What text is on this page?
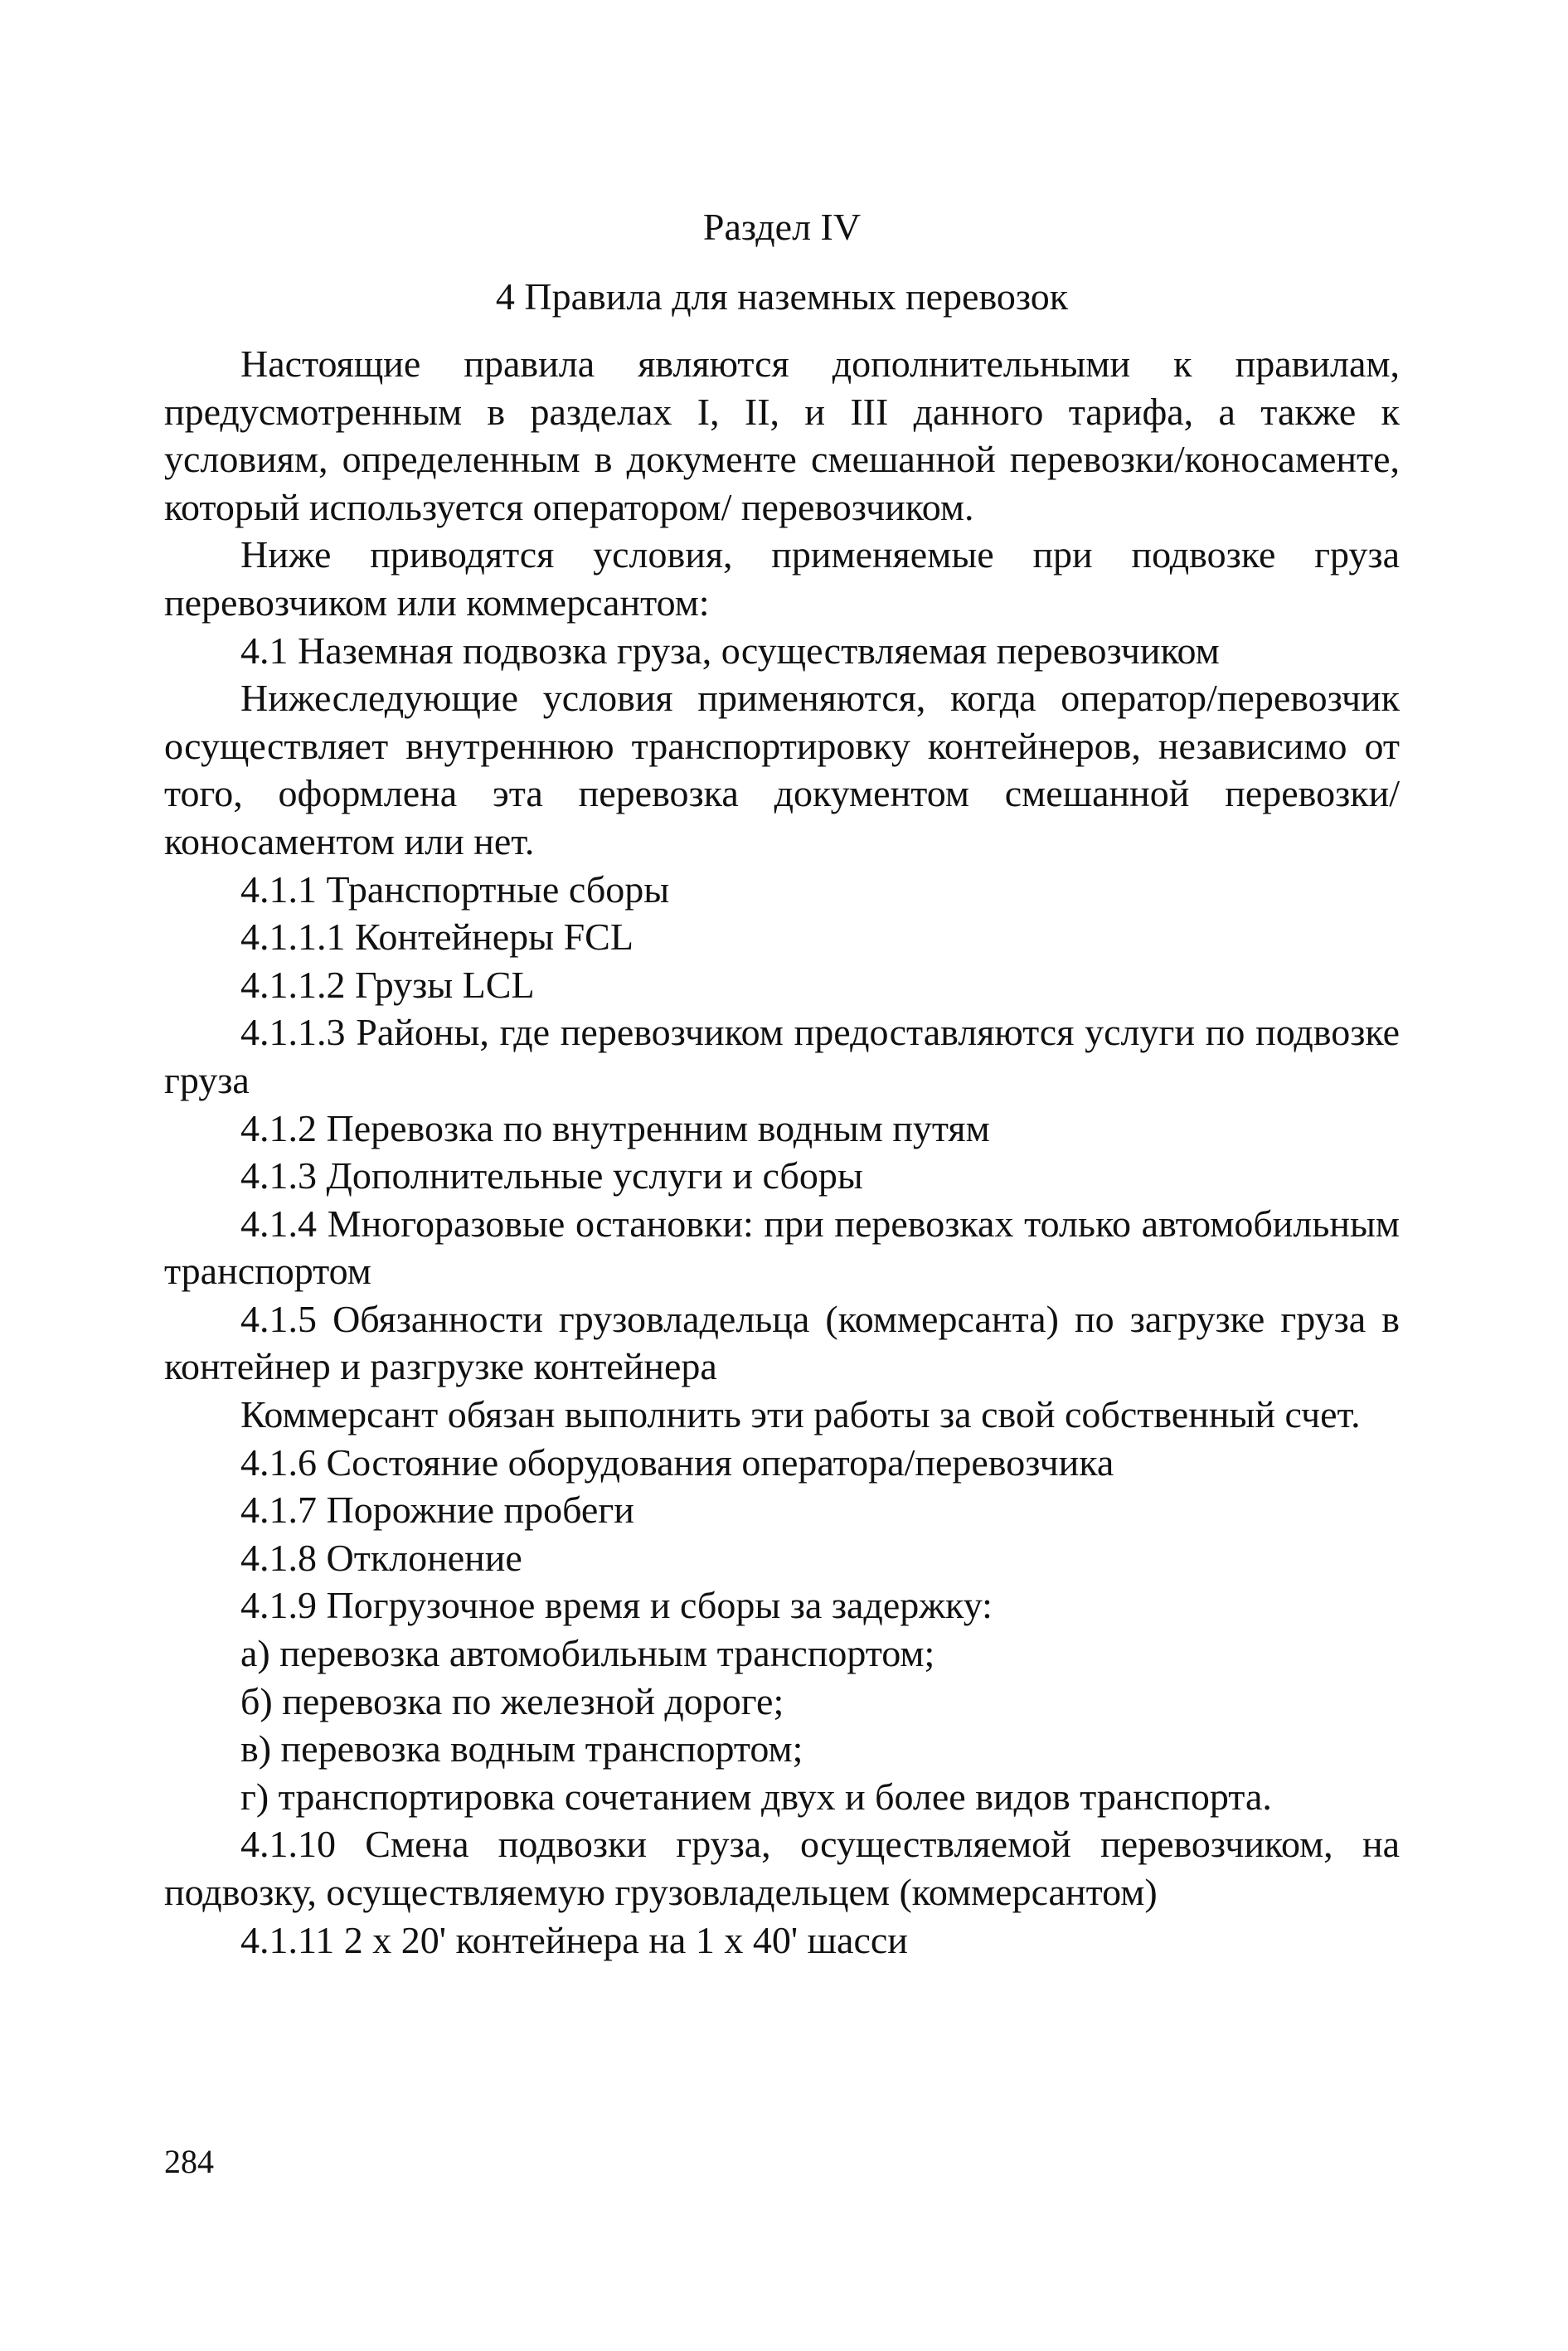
Раздел IV
4 Правила для наземных перевозок

Настоящие правила являются дополнительными к правилам, предусмотренным в разделах I, II, и III данного тарифа, а также к условиям, определенным в документе смешанной перевозки/коносаменте, который используется оператором/ перевозчиком.

Ниже приводятся условия, применяемые при подвозке груза перевозчиком или коммерсантом:

4.1 Наземная подвозка груза, осуществляемая перевозчиком

Нижеследующие условия применяются, когда оператор/перевозчик осуществляет внутреннюю транспортировку контейнеров, независимо от того, оформлена эта перевозка документом смешанной перевозки/ коносаментом или нет.

4.1.1 Транспортные сборы

4.1.1.1 Контейнеры FCL

4.1.1.2 Грузы LCL

4.1.1.3 Районы, где перевозчиком предоставляются услуги по подвозке груза

4.1.2 Перевозка по внутренним водным путям

4.1.3 Дополнительные услуги и сборы

4.1.4 Многоразовые остановки: при перевозках только автомобильным транспортом

4.1.5 Обязанности грузовладельца (коммерсанта) по загрузке груза в контейнер и разгрузке контейнера

Коммерсант обязан выполнить эти работы за свой собственный счет.

4.1.6 Состояние оборудования оператора/перевозчика

4.1.7 Порожние пробеги

4.1.8 Отклонение

4.1.9 Погрузочное время и сборы за задержку:

а) перевозка автомобильным транспортом;

б) перевозка по железной дороге;

в) перевозка водным транспортом;

г) транспортировка сочетанием двух и более видов транспорта.

4.1.10 Смена подвозки груза, осуществляемой перевозчиком, на подвозку, осуществляемую грузовладельцем (коммерсантом)

4.1.11 2 х 20' контейнера на 1 х 40' шасси

284
